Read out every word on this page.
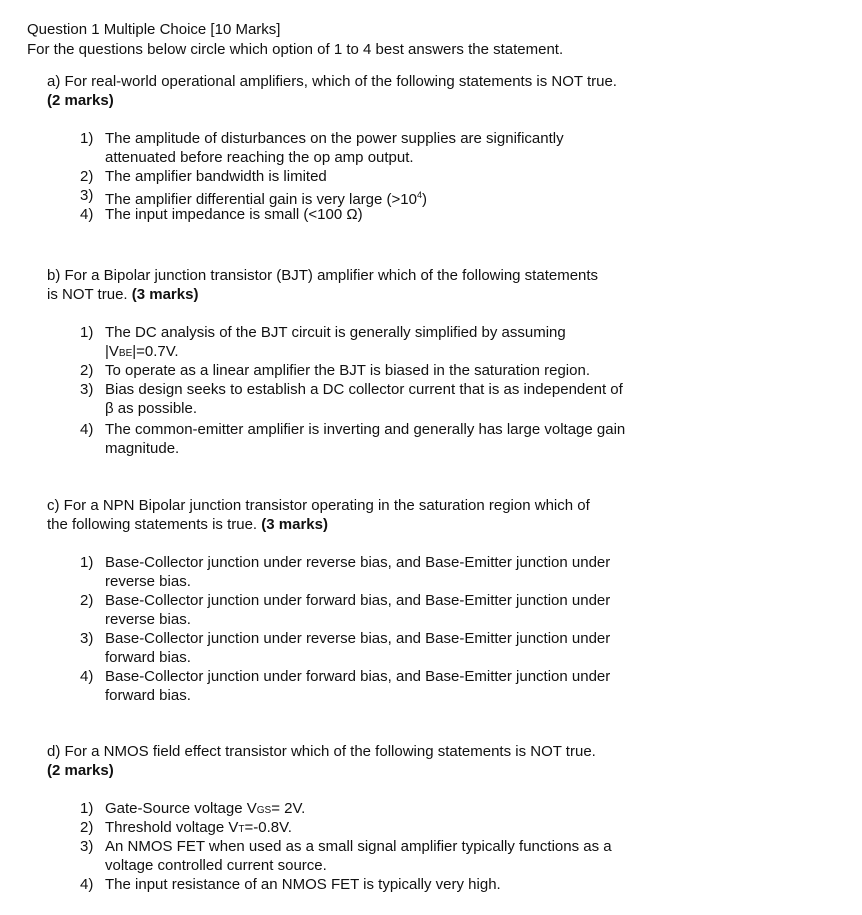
Question 1 Multiple Choice [10 Marks]
For the questions below circle which option of 1 to 4 best answers the statement.
a) For real-world operational amplifiers, which of the following statements is NOT true.
(2 marks)
1) The amplitude of disturbances on the power supplies are significantly
attenuated before reaching the op amp output.
2) The amplifier bandwidth is limited
3) The amplifier differential gain is very large $(>10^4)$
4) The input impedance is small (<100 Ω)
b) For a Bipolar junction transistor (BJT) amplifier which of the following statements
is NOT true. (3 marks)
1) The DC analysis of the BJT circuit is generally simplified by assuming
|VBE|=0.7V.
2) To operate as a linear amplifier the BJT is biased in the saturation region.
3) Bias design seeks to establish a DC collector current that is as independent of
β as possible.
4) The common-emitter amplifier is inverting and generally has large voltage gain
magnitude.
c) For a NPN Bipolar junction transistor operating in the saturation region which of
the following statements is true. (3 marks)
1) Base-Collector junction under reverse bias, and Base-Emitter junction under
reverse bias.
2) Base-Collector junction under forward bias, and Base-Emitter junction under
reverse bias.
3) Base-Collector junction under reverse bias, and Base-Emitter junction under
forward bias.
4) Base-Collector junction under forward bias, and Base-Emitter junction under
forward bias.
d) For a NMOS field effect transistor which of the following statements is NOT true.
(2 marks)
1) Gate-Source voltage VGS= 2V.
2) Threshold voltage VT=-0.8V.
3) An NMOS FET when used as a small signal amplifier typically functions as a
voltage controlled current source.
4) The input resistance of an NMOS FET is typically very high.
